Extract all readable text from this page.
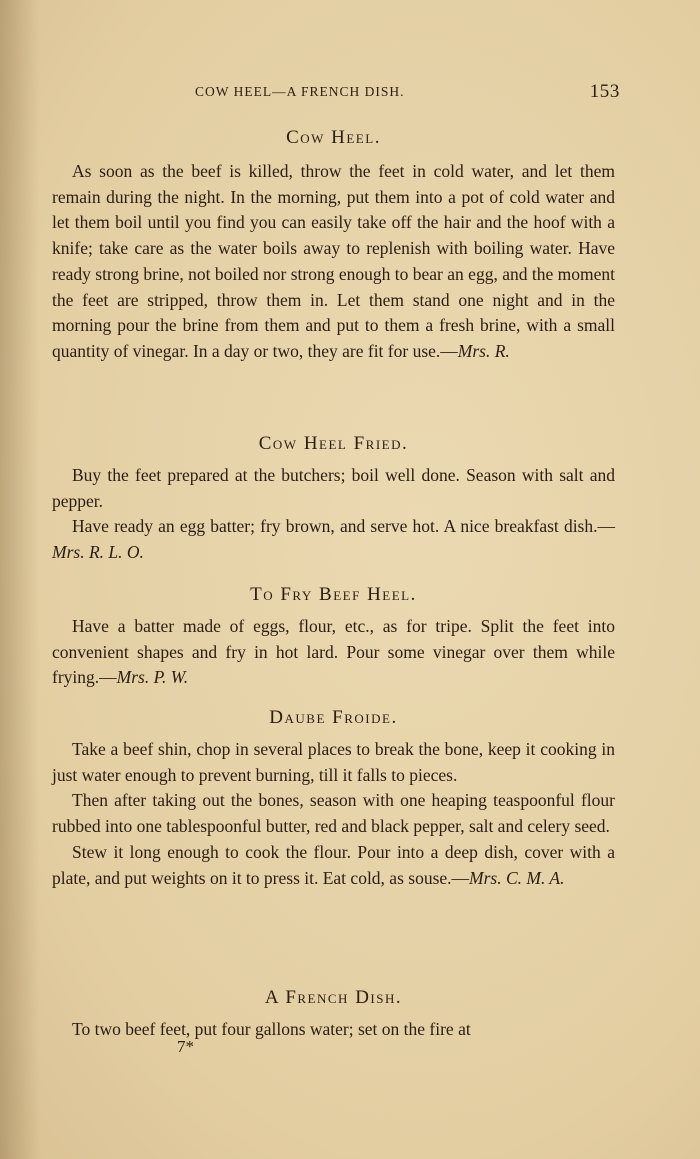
COW HEEL—A FRENCH DISH.	153
Cow Heel.

As soon as the beef is killed, throw the feet in cold water, and let them remain during the night. In the morning, put them into a pot of cold water and let them boil until you find you can easily take off the hair and the hoof with a knife; take care as the water boils away to replenish with boiling water. Have ready strong brine, not boiled nor strong enough to bear an egg, and the moment the feet are stripped, throw them in. Let them stand one night and in the morning pour the brine from them and put to them a fresh brine, with a small quantity of vinegar. In a day or two, they are fit for use.—Mrs. R.

Cow Heel Fried.

Buy the feet prepared at the butchers; boil well done. Season with salt and pepper.

Have ready an egg batter; fry brown, and serve hot. A nice breakfast dish.—Mrs. R. L. O.

To Fry Beef Heel.

Have a batter made of eggs, flour, etc., as for tripe. Split the feet into convenient shapes and fry in hot lard. Pour some vinegar over them while frying.—Mrs. P. W.

Daube Froide.

Take a beef shin, chop in several places to break the bone, keep it cooking in just water enough to prevent burning, till it falls to pieces.

Then after taking out the bones, season with one heaping teaspoonful flour rubbed into one tablespoonful butter, red and black pepper, salt and celery seed.

Stew it long enough to cook the flour. Pour into a deep dish, cover with a plate, and put weights on it to press it. Eat cold, as souse.—Mrs. C. M. A.

A French Dish.

To two beef feet, put four gallons water; set on the fire at

7*
